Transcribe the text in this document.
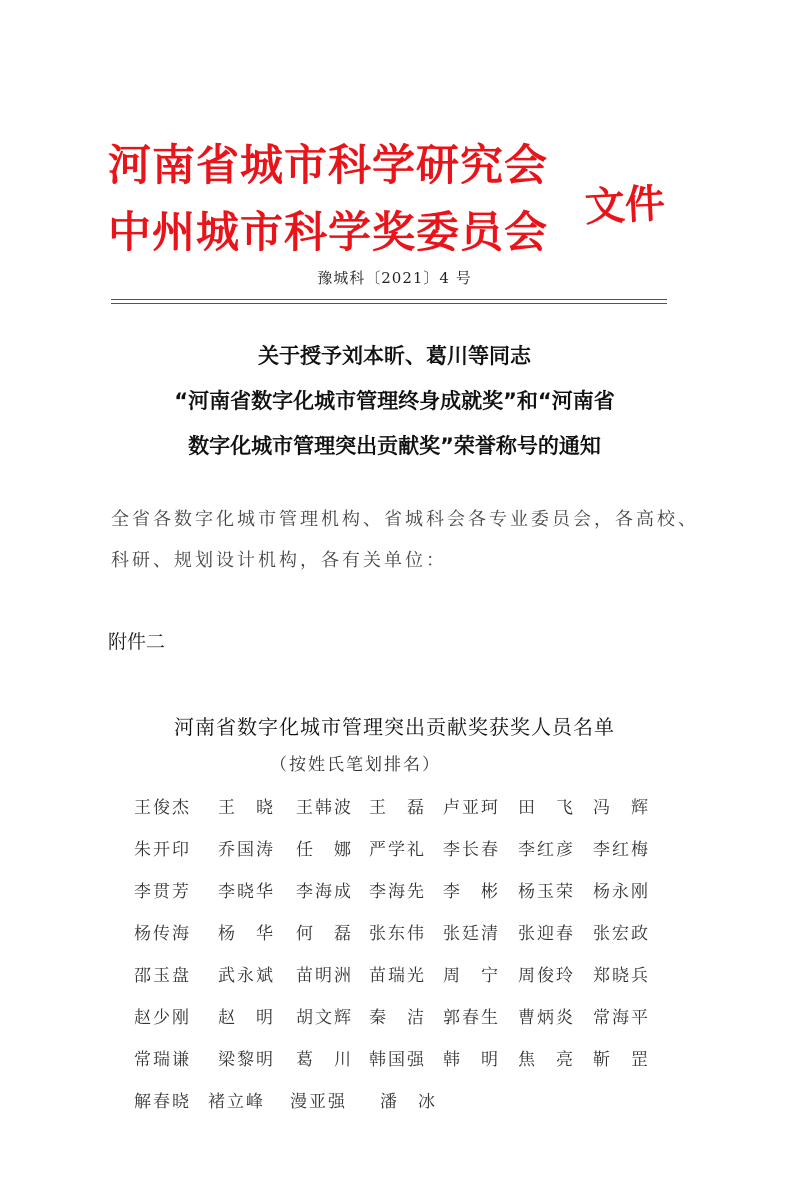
河南省城市科学研究会
中州城市科学奖委员会
文件
豫城科〔2021〕4 号
关于授予刘本昕、葛川等同志
“河南省数字化城市管理终身成就奖”和“河南省
数字化城市管理突出贡献奖”荣誉称号的通知
全省各数字化城市管理机构、省城科会各专业委员会，各高校、
科研、规划设计机构，各有关单位：
附件二
河南省数字化城市管理突出贡献奖获奖人员名单
（按姓氏笔划排名）
王俊杰 王　晓 王韩波 王　磊 卢亚珂 田　飞 冯　辉
朱开印 乔国涛 任　娜 严学礼 李长春 李红彦 李红梅
李贯芳 李晓华 李海成 李海先 李　彬 杨玉荣 杨永刚
杨传海 杨　华 何　磊 张东伟 张廷清 张迎春 张宏政
邵玉盘 武永斌 苗明洲 苗瑞光 周　宁 周俊玲 郑晓兵
赵少刚 赵　明 胡文辉 秦　洁 郭春生 曹炳炎 常海平
常瑞谦 梁黎明 葛　川 韩国强 韩　明 焦　亮 靳　罡
解春晓 褚立峰 漫亚强 潘　冰
